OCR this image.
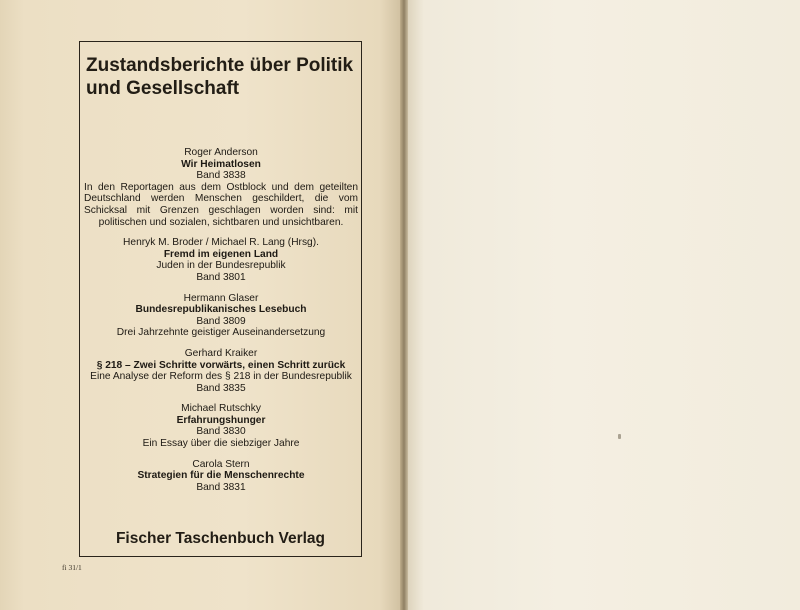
Zustandsberichte über Politik
und Gesellschaft
Roger Anderson
Wir Heimatlosen
Band 3838
In den Reportagen aus dem Ostblock und dem geteilten Deutschland werden Menschen geschildert, die vom Schicksal mit Grenzen geschlagen worden sind: mit politischen und sozialen, sichtbaren und unsichtbaren.
Henryk M. Broder / Michael R. Lang (Hrsg).
Fremd im eigenen Land
Juden in der Bundesrepublik
Band 3801
Hermann Glaser
Bundesrepublikanisches Lesebuch
Band 3809
Drei Jahrzehnte geistiger Auseinandersetzung
Gerhard Kraiker
§ 218 – Zwei Schritte vorwärts, einen Schritt zurück
Eine Analyse der Reform des § 218 in der Bundesrepublik
Band 3835
Michael Rutschky
Erfahrungshunger
Band 3830
Ein Essay über die siebziger Jahre
Carola Stern
Strategien für die Menschenrechte
Band 3831
Fischer Taschenbuch Verlag
fi 31/1
